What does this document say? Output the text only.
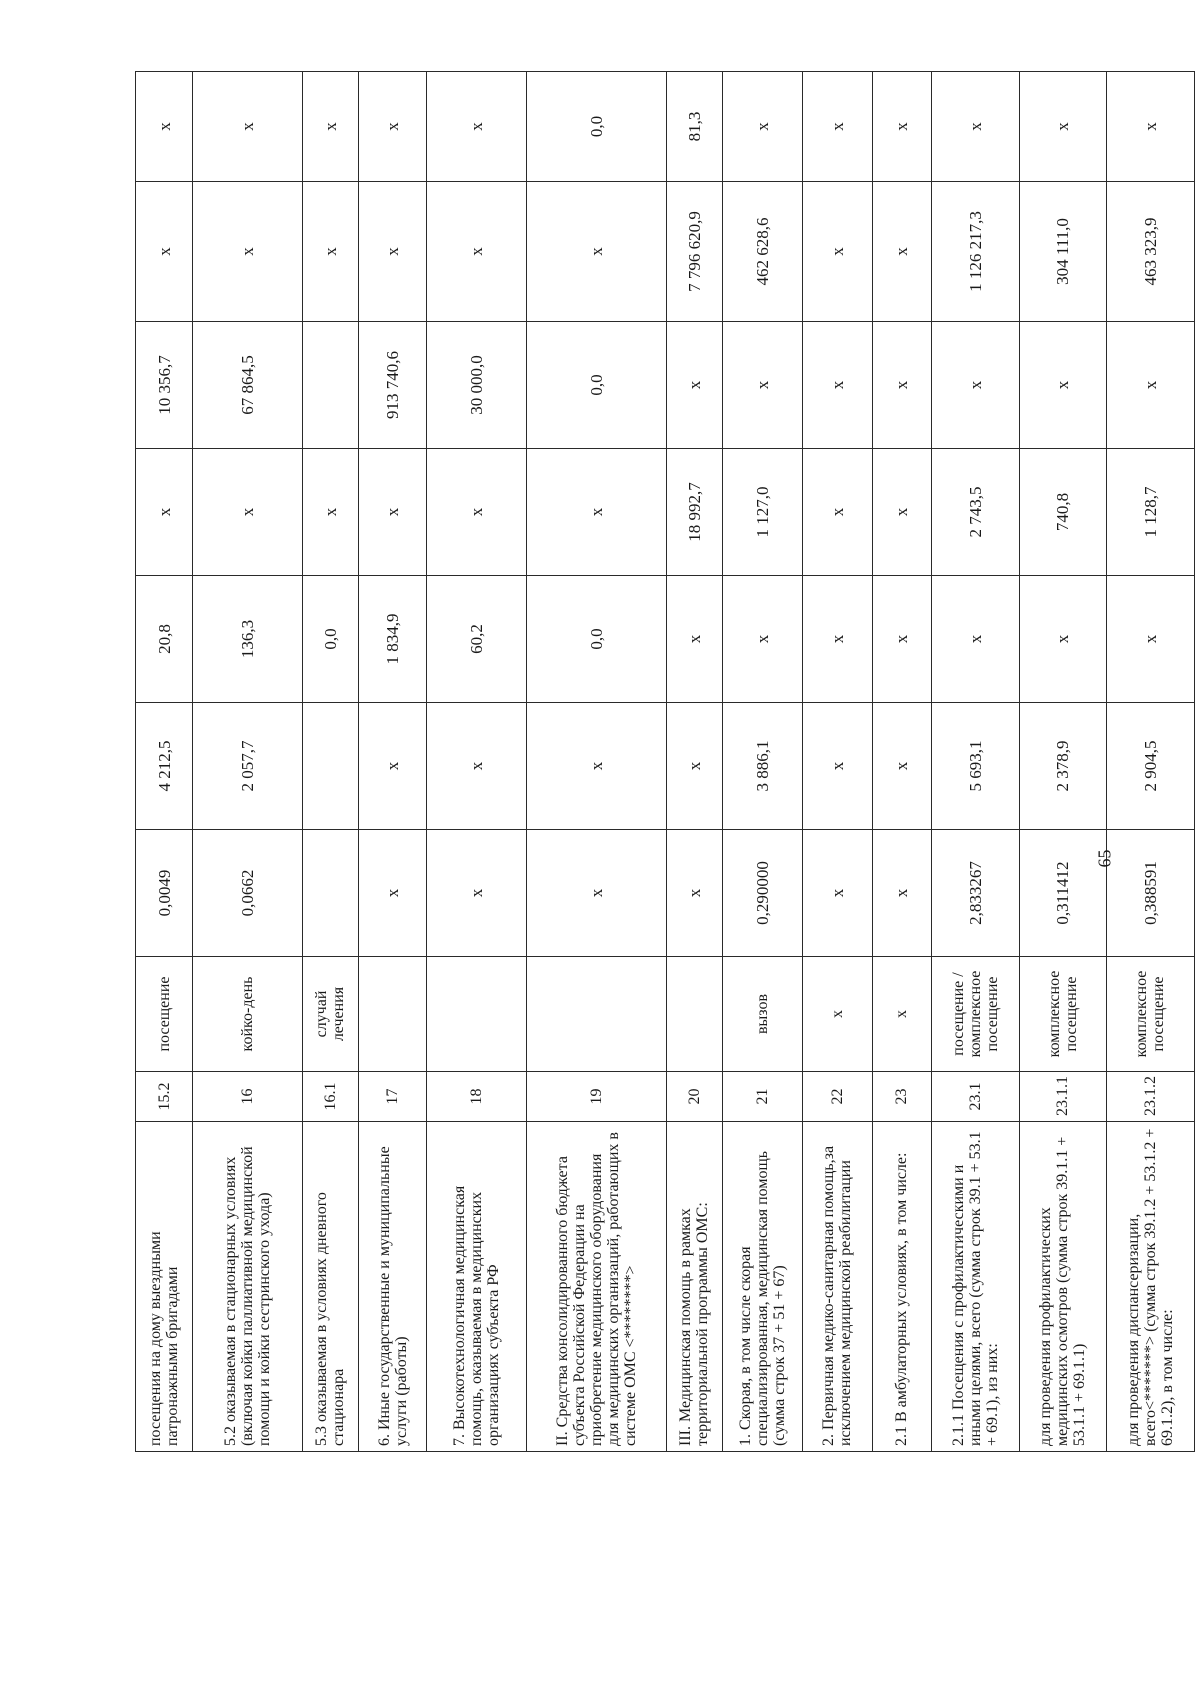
посещения на дому выездными патронажными бригадами	15.2	посещение	0,0049	4 212,5	20,8	x	10 356,7	x	x
5.2 оказываемая в стационарных условиях (включая койки паллиативной медицинской помощи и койки сестринского ухода)	16	койко-день	0,0662	2 057,7	136,3	x	67 864,5	x	x
5.3 оказываемая в условиях дневного стационара	16.1	случай лечения			0,0	x		x	x
6. Иные государственные и муниципальные услуги (работы)	17		x	x	1 834,9	x	913 740,6	x	x
7. Высокотехнологичная медицинская помощь, оказываемая в медицинских организациях субъекта РФ	18		x	x	60,2	x	30 000,0	x	x
II. Средства консолидированного бюджета субъекта Российской Федерации на приобретение медицинского оборудования для медицинских организаций, работающих в системе ОМС <********>	19		x	x	0,0	x	0,0	x	0,0
III. Медицинская помощь в рамках территориальной программы ОМС:	20		x	x	x	18 992,7	x	7 796 620,9	81,3
1. Скорая, в том числе скорая специализированная, медицинская помощь (сумма строк 37 + 51 + 67)	21	вызов	0,290000	3 886,1	x	1 127,0	x	462 628,6	x
2. Первичная медико-санитарная помощь,за исключением медицинской реабилитации	22	x	x	x	x	x	x	x	x
2.1 В амбулаторных условиях, в том числе:	23	x	x	x	x	x	x	x	x
2.1.1 Посещения с профилактическими и иными целями, всего (сумма строк 39.1 + 53.1 + 69.1), из них:	23.1	посещение / комплексное посещение	2,833267	5 693,1	x	2 743,5	x	1 126 217,3	x
для проведения профилактических медицинских осмотров (сумма строк 39.1.1 + 53.1.1 + 69.1.1)	23.1.1	комплексное посещение	0,311412	2 378,9	x	740,8	x	304 111,0	x
для проведения диспансеризации, всего<*******> (сумма строк 39.1.2 + 53.1.2 + 69.1.2), в том числе:	23.1.2	комплексное посещение	0,388591	2 904,5	x	1 128,7	x	463 323,9	x
65
